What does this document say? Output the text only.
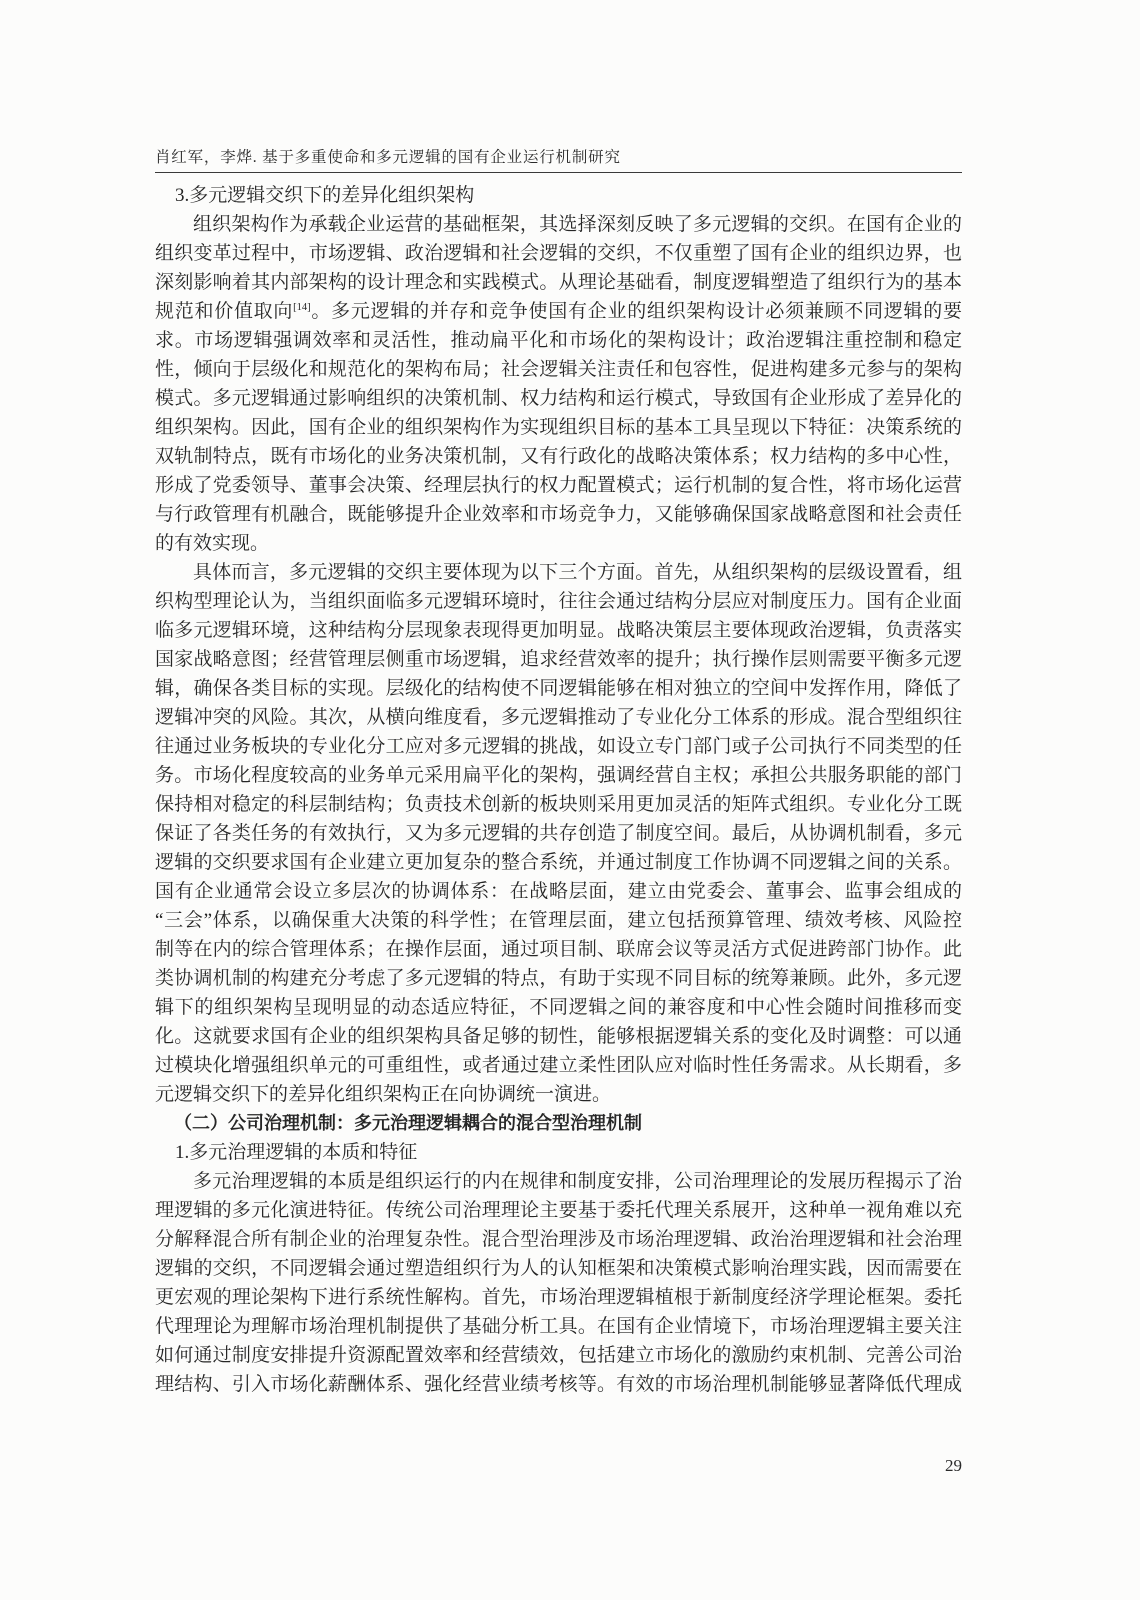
肖红军，李烨. 基于多重使命和多元逻辑的国有企业运行机制研究
3.多元逻辑交织下的差异化组织架构
组织架构作为承载企业运营的基础框架，其选择深刻反映了多元逻辑的交织。在国有企业的
组织变革过程中，市场逻辑、政治逻辑和社会逻辑的交织，不仅重塑了国有企业的组织边界，也
深刻影响着其内部架构的设计理念和实践模式。从理论基础看，制度逻辑塑造了组织行为的基本
规范和价值取向[14]。多元逻辑的并存和竞争使国有企业的组织架构设计必须兼顾不同逻辑的要
求。市场逻辑强调效率和灵活性，推动扁平化和市场化的架构设计；政治逻辑注重控制和稳定
性，倾向于层级化和规范化的架构布局；社会逻辑关注责任和包容性，促进构建多元参与的架构
模式。多元逻辑通过影响组织的决策机制、权力结构和运行模式，导致国有企业形成了差异化的
组织架构。因此，国有企业的组织架构作为实现组织目标的基本工具呈现以下特征：决策系统的
双轨制特点，既有市场化的业务决策机制，又有行政化的战略决策体系；权力结构的多中心性，
形成了党委领导、董事会决策、经理层执行的权力配置模式；运行机制的复合性，将市场化运营
与行政管理有机融合，既能够提升企业效率和市场竞争力，又能够确保国家战略意图和社会责任
的有效实现。
具体而言，多元逻辑的交织主要体现为以下三个方面。首先，从组织架构的层级设置看，组
织构型理论认为，当组织面临多元逻辑环境时，往往会通过结构分层应对制度压力。国有企业面
临多元逻辑环境，这种结构分层现象表现得更加明显。战略决策层主要体现政治逻辑，负责落实
国家战略意图；经营管理层侧重市场逻辑，追求经营效率的提升；执行操作层则需要平衡多元逻
辑，确保各类目标的实现。层级化的结构使不同逻辑能够在相对独立的空间中发挥作用，降低了
逻辑冲突的风险。其次，从横向维度看，多元逻辑推动了专业化分工体系的形成。混合型组织往
往通过业务板块的专业化分工应对多元逻辑的挑战，如设立专门部门或子公司执行不同类型的任
务。市场化程度较高的业务单元采用扁平化的架构，强调经营自主权；承担公共服务职能的部门
保持相对稳定的科层制结构；负责技术创新的板块则采用更加灵活的矩阵式组织。专业化分工既
保证了各类任务的有效执行，又为多元逻辑的共存创造了制度空间。最后，从协调机制看，多元
逻辑的交织要求国有企业建立更加复杂的整合系统，并通过制度工作协调不同逻辑之间的关系。
国有企业通常会设立多层次的协调体系：在战略层面，建立由党委会、董事会、监事会组成的
“三会”体系，以确保重大决策的科学性；在管理层面，建立包括预算管理、绩效考核、风险控
制等在内的综合管理体系；在操作层面，通过项目制、联席会议等灵活方式促进跨部门协作。此
类协调机制的构建充分考虑了多元逻辑的特点，有助于实现不同目标的统筹兼顾。此外，多元逻
辑下的组织架构呈现明显的动态适应特征，不同逻辑之间的兼容度和中心性会随时间推移而变
化。这就要求国有企业的组织架构具备足够的韧性，能够根据逻辑关系的变化及时调整：可以通
过模块化增强组织单元的可重组性，或者通过建立柔性团队应对临时性任务需求。从长期看，多
元逻辑交织下的差异化组织架构正在向协调统一演进。
（二）公司治理机制：多元治理逻辑耦合的混合型治理机制
1.多元治理逻辑的本质和特征
多元治理逻辑的本质是组织运行的内在规律和制度安排，公司治理理论的发展历程揭示了治
理逻辑的多元化演进特征。传统公司治理理论主要基于委托代理关系展开，这种单一视角难以充
分解释混合所有制企业的治理复杂性。混合型治理涉及市场治理逻辑、政治治理逻辑和社会治理
逻辑的交织，不同逻辑会通过塑造组织行为人的认知框架和决策模式影响治理实践，因而需要在
更宏观的理论架构下进行系统性解构。首先，市场治理逻辑植根于新制度经济学理论框架。委托
代理理论为理解市场治理机制提供了基础分析工具。在国有企业情境下，市场治理逻辑主要关注
如何通过制度安排提升资源配置效率和经营绩效，包括建立市场化的激励约束机制、完善公司治
理结构、引入市场化薪酬体系、强化经营业绩考核等。有效的市场治理机制能够显著降低代理成
29
